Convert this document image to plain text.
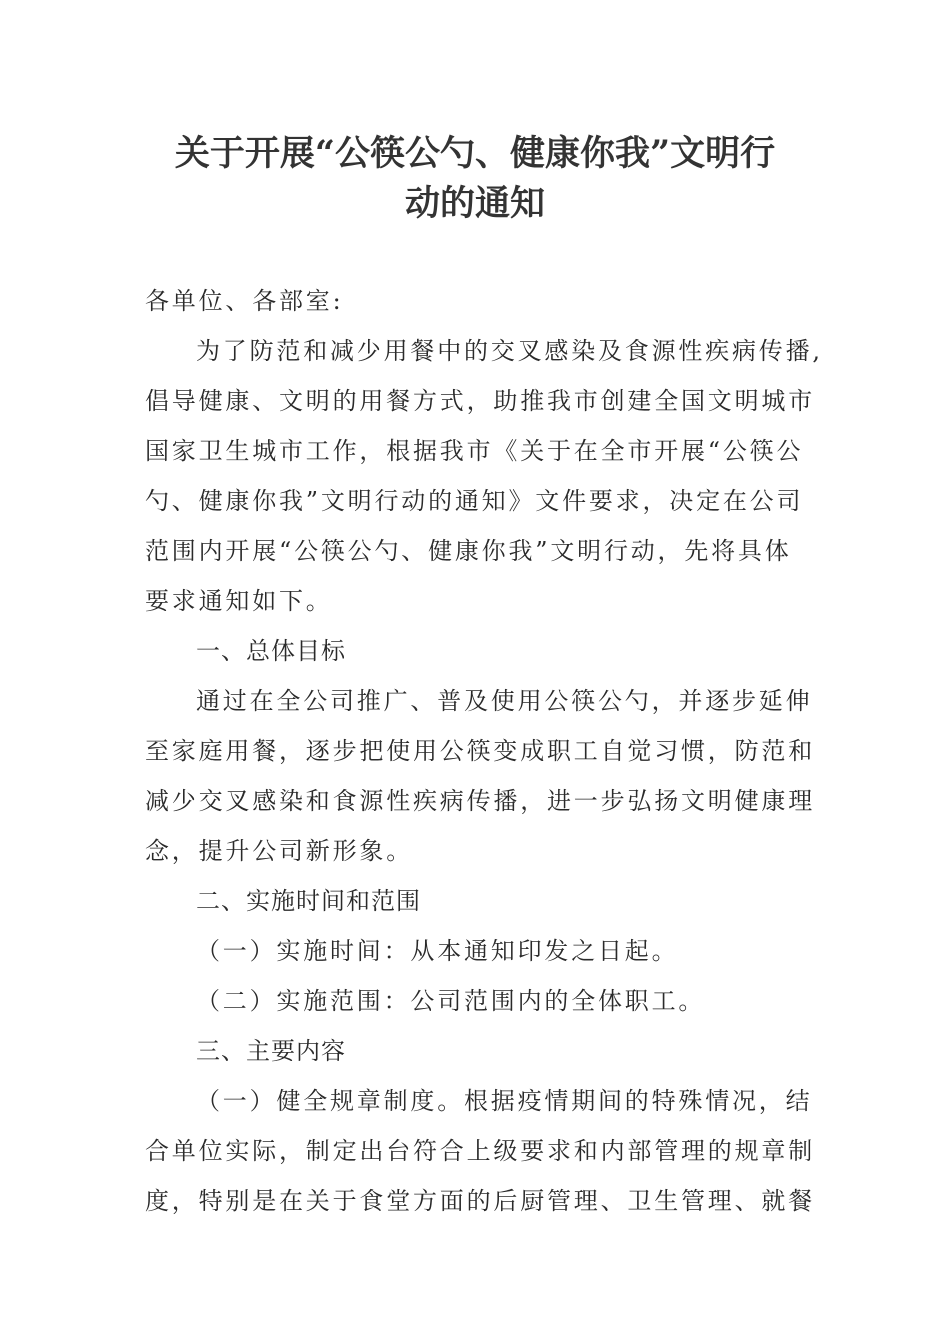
关于开展“公筷公勺、健康你我”文明行
动的通知
各单位、各部室:
为了防范和减少用餐中的交叉感染及食源性疾病传播,
倡导健康、文明的用餐方式，助推我市创建全国文明城市
国家卫生城市工作，根据我市《关于在全市开展“公筷公
勺、健康你我”文明行动的通知》文件要求，决定在公司
范围内开展“公筷公勺、健康你我”文明行动，先将具体
要求通知如下。
一、总体目标
通过在全公司推广、普及使用公筷公勺，并逐步延伸
至家庭用餐，逐步把使用公筷变成职工自觉习惯，防范和
减少交叉感染和食源性疾病传播，进一步弘扬文明健康理
念，提升公司新形象。
二、实施时间和范围
（一）实施时间：从本通知印发之日起。
（二）实施范围：公司范围内的全体职工。
三、主要内容
（一）健全规章制度。根据疫情期间的特殊情况，结
合单位实际，制定出台符合上级要求和内部管理的规章制
度，特别是在关于食堂方面的后厨管理、卫生管理、就餐
